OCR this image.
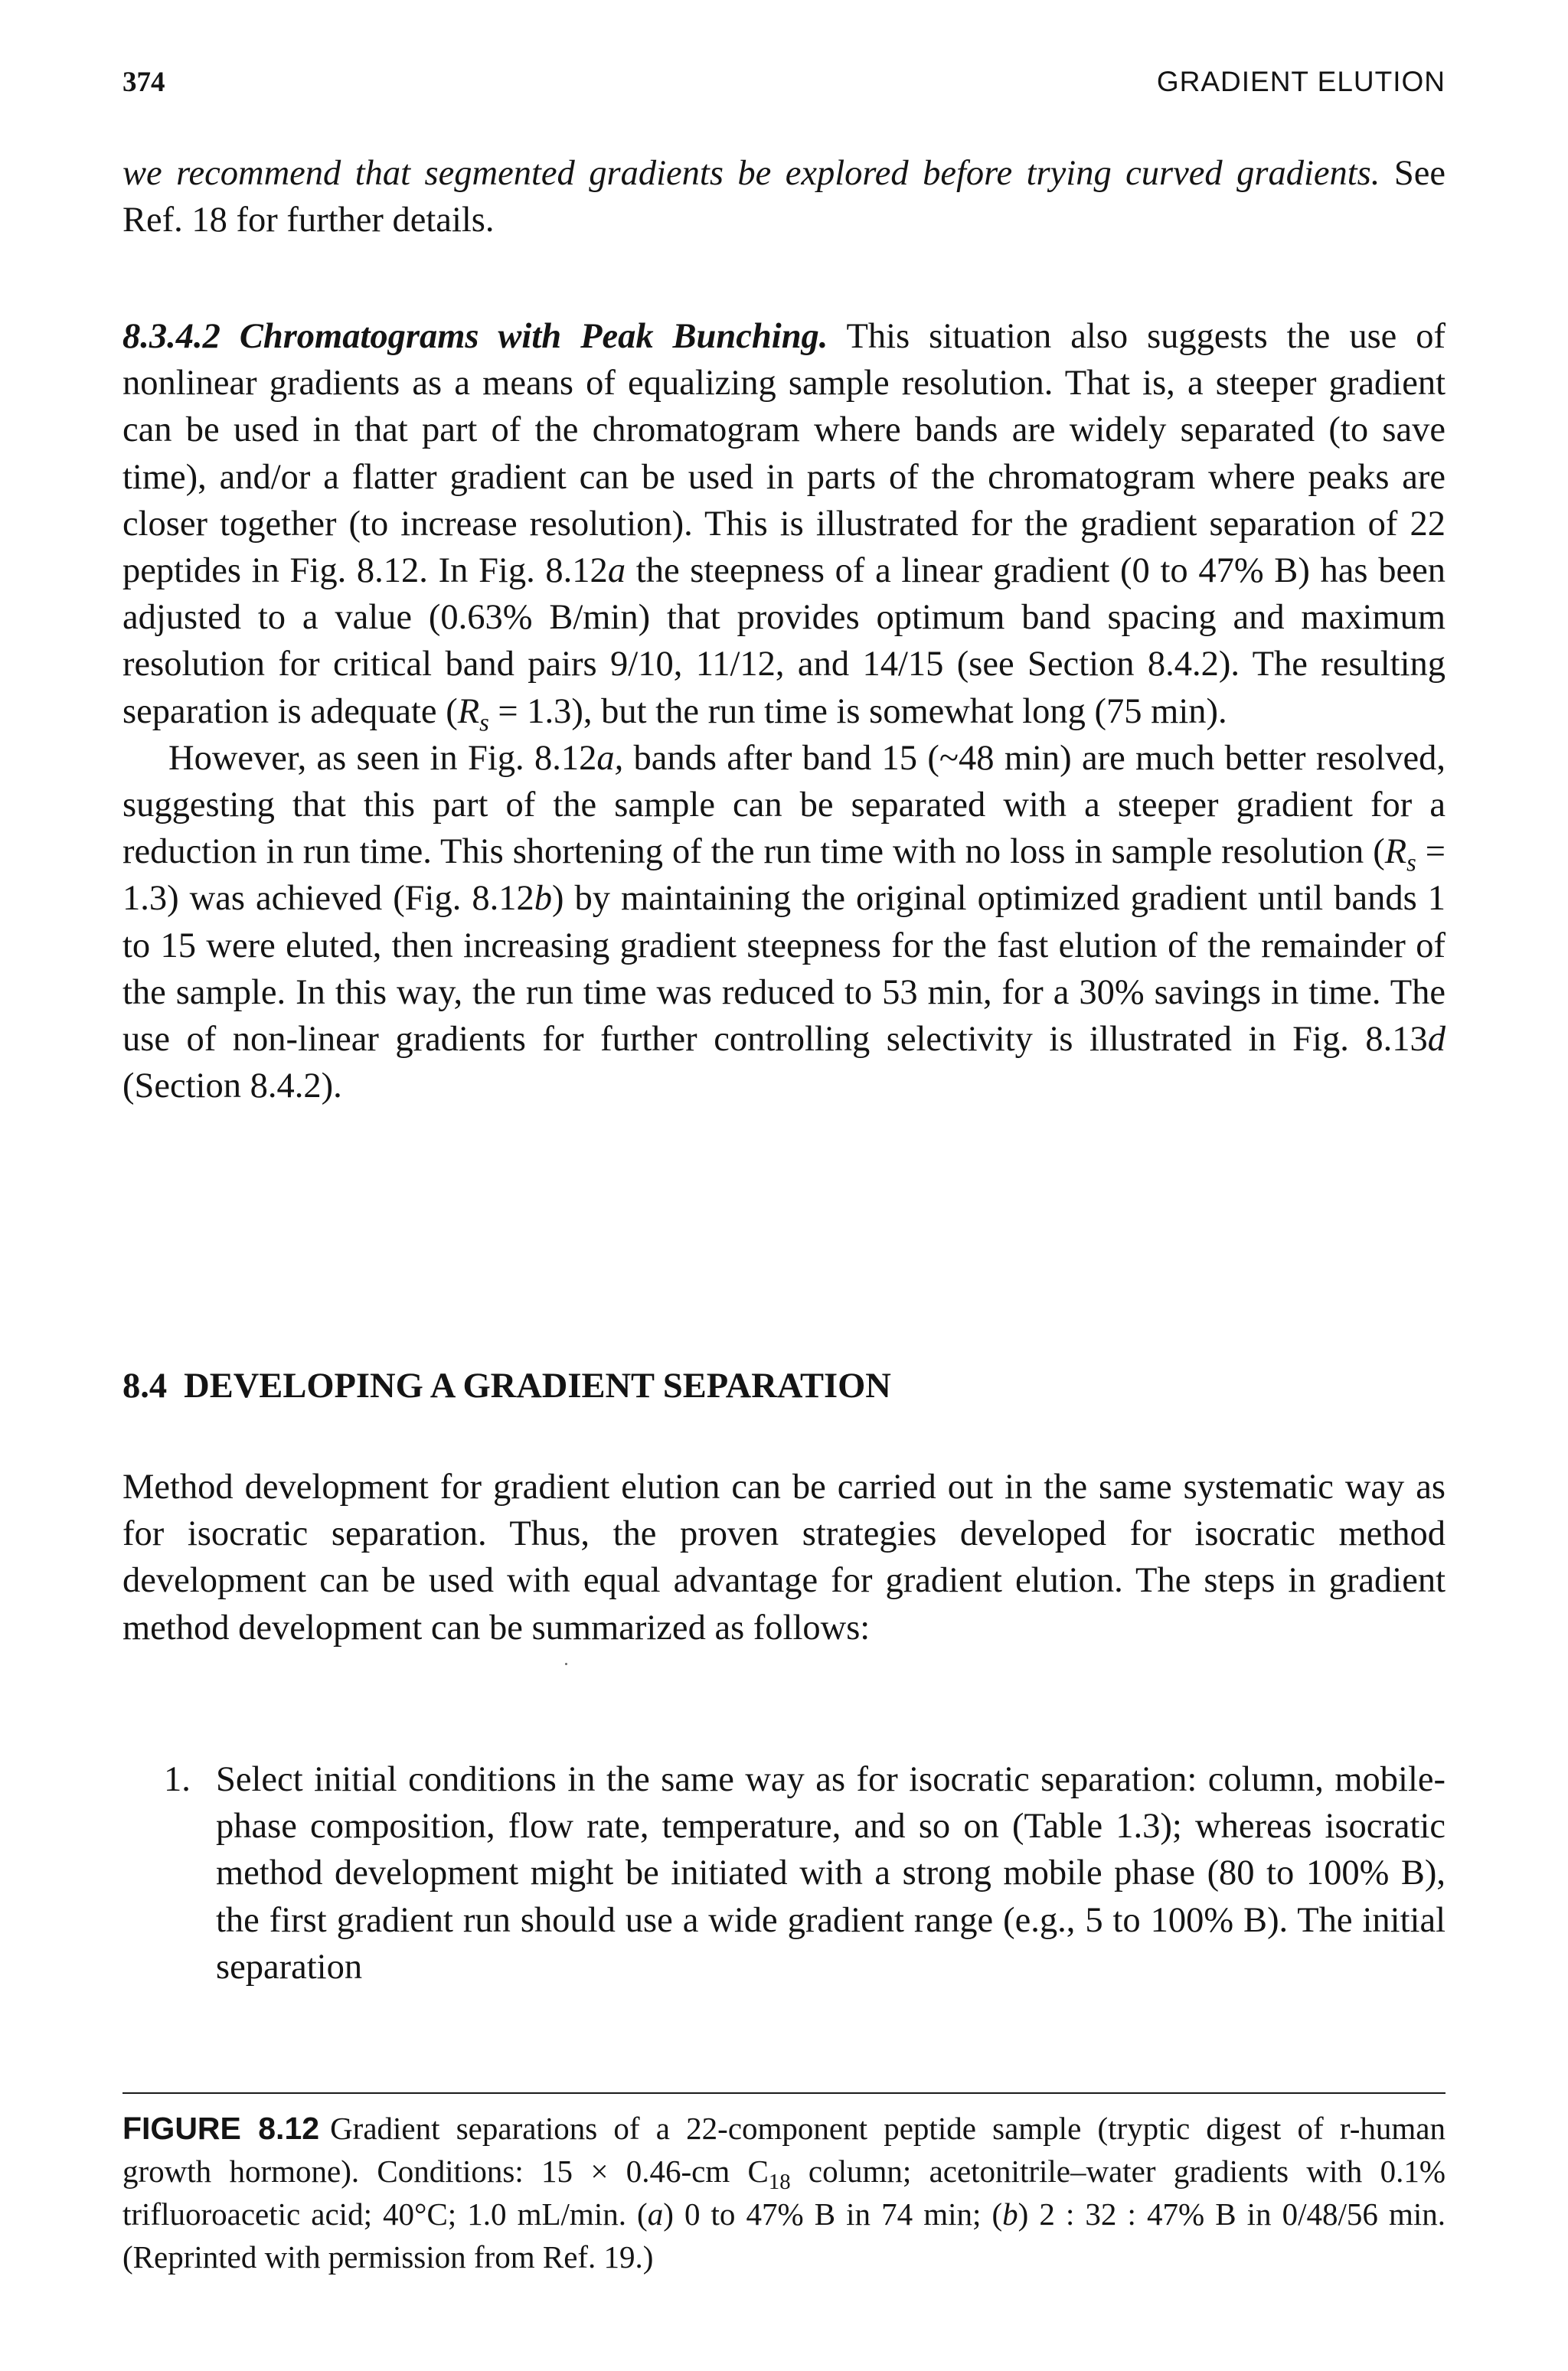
374	GRADIENT ELUTION

we recommend that segmented gradients be explored before trying curved gradients. See Ref. 18 for further details.

8.3.4.2 Chromatograms with Peak Bunching. This situation also suggests the use of nonlinear gradients as a means of equalizing sample resolution. That is, a steeper gradient can be used in that part of the chromatogram where bands are widely separated (to save time), and/or a flatter gradient can be used in parts of the chromatogram where peaks are closer together (to increase resolution). This is illustrated for the gradient separation of 22 peptides in Fig. 8.12. In Fig. 8.12a the steepness of a linear gradient (0 to 47% B) has been adjusted to a value (0.63% B/min) that provides optimum band spacing and maximum resolution for critical band pairs 9/10, 11/12, and 14/15 (see Section 8.4.2). The resulting separation is adequate $(R_s = 1.3)$, but the run time is somewhat long (75 min).

However, as seen in Fig. 8.12a, bands after band 15 (~48 min) are much better resolved, suggesting that this part of the sample can be separated with a steeper gradient for a reduction in run time. This shortening of the run time with no loss in sample resolution $(R_s = 1.3)$ was achieved (Fig. 8.12b) by maintaining the original optimized gradient until bands 1 to 15 were eluted, then increasing gradient steepness for the fast elution of the remainder of the sample. In this way, the run time was reduced to 53 min, for a 30% savings in time. The use of non-linear gradients for further controlling selectivity is illustrated in Fig. 8.13d (Section 8.4.2).

8.4 DEVELOPING A GRADIENT SEPARATION

Method development for gradient elution can be carried out in the same systematic way as for isocratic separation. Thus, the proven strategies developed for isocratic method development can be used with equal advantage for gradient elution. The steps in gradient method development can be summarized as follows:

1. Select initial conditions in the same way as for isocratic separation: column, mobile-phase composition, flow rate, temperature, and so on (Table 1.3); whereas isocratic method development might be initiated with a strong mobile phase (80 to 100% B), the first gradient run should use a wide gradient range (e.g., 5 to 100% B). The initial separation
FIGURE 8.12 Gradient separations of a 22-component peptide sample (tryptic digest of r-human growth hormone). Conditions: 15 × 0.46-cm $C_{18}$ column; acetonitrile–water gradients with 0.1% trifluoroacetic acid; 40°C; 1.0 mL/min. (a) 0 to 47% B in 74 min; (b) 2 : 32 : 47% B in 0/48/56 min. (Reprinted with permission from Ref. 19.)
